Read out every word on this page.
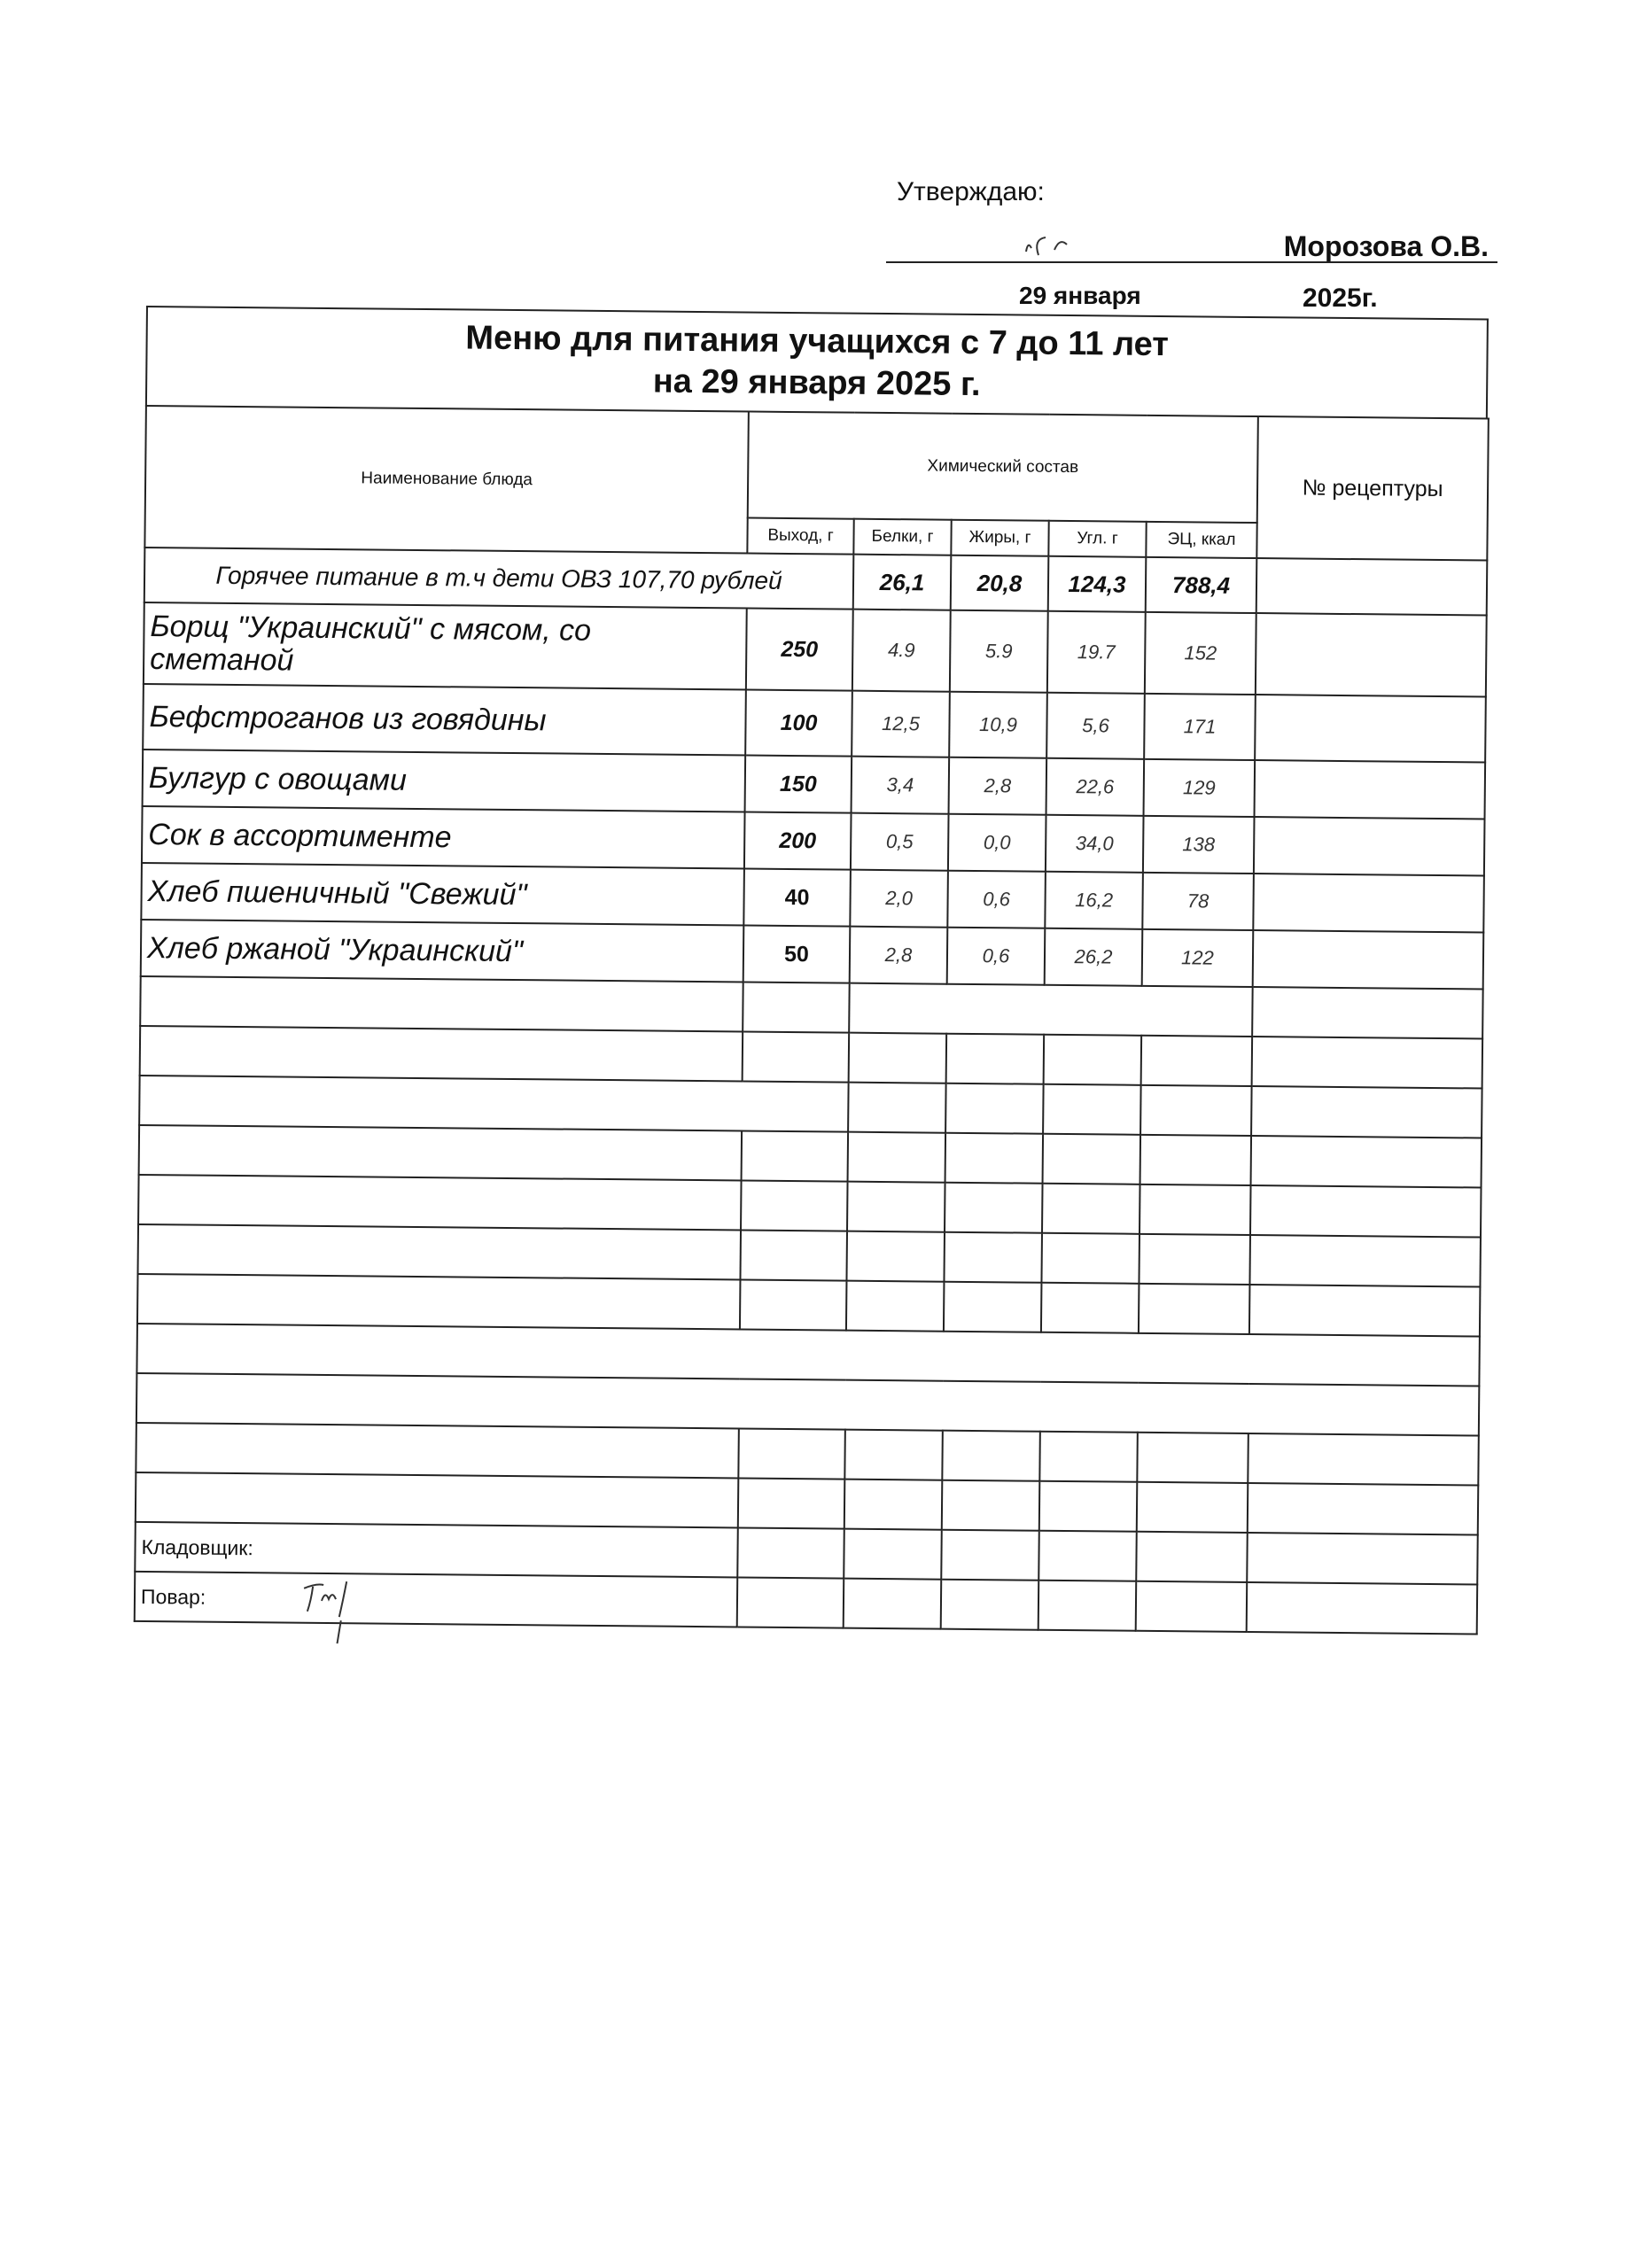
Утверждаю:
Морозова О.В.
29 января	2025г.
Меню для питания учащихся с 7 до 11 лет
на 29 января 2025 г.
Наименование блюда	Химический состав					№ рецептуры
	Выход, г	Белки, г	Жиры, г	Угл. г	ЭЦ, ккал	
Горячее питание в т.ч дети ОВЗ 107,70 рублей		26,1	20,8	124,3	788,4	
Борщ "Украинский" с мясом, со сметаной	250	4.9	5.9	19.7	152	
Бефстроганов из говядины	100	12,5	10,9	5,6	171	
Булгур с овощами	150	3,4	2,8	22,6	129	
Сок в ассортименте	200	0,5	0,0	34,0	138	
Хлеб пшеничный "Свежий"	40	2,0	0,6	16,2	78	
Хлеб ржаной "Украинский"	50	2,8	0,6	26,2	122	

Кладовщик:						
Повар:
